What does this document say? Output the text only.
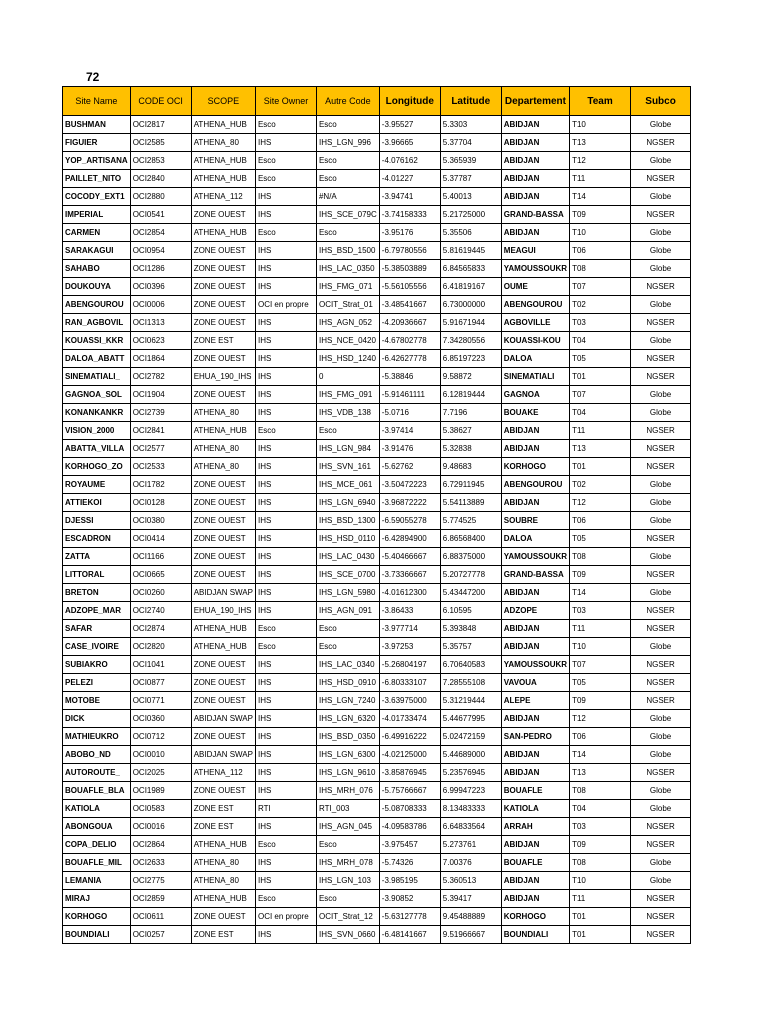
72
Site Name	CODE OCI	SCOPE	Site Owner	Autre Code	Longitude	Latitude	Departement	Team	Subco
BUSHMAN	OCI2817	ATHENA_HUB	Esco	Esco	-3.95527	5.3303	ABIDJAN	T10	Globe
FIGUIER	OCI2585	ATHENA_80	IHS	IHS_LGN_996	-3.96665	5.37704	ABIDJAN	T13	NGSER
YOP_ARTISANA	OCI2853	ATHENA_HUB	Esco	Esco	-4.076162	5.365939	ABIDJAN	T12	Globe
PAILLET_NITO	OCI2840	ATHENA_HUB	Esco	Esco	-4.01227	5.37787	ABIDJAN	T11	NGSER
COCODY_EXT1	OCI2880	ATHENA_112	IHS	#N/A	-3.94741	5.40013	ABIDJAN	T14	Globe
IMPERIAL	OCI0541	ZONE OUEST	IHS	IHS_SCE_079C	-3.74158333	5.21725000	GRAND-BASSA	T09	NGSER
CARMEN	OCI2854	ATHENA_HUB	Esco	Esco	-3.95176	5.35506	ABIDJAN	T10	Globe
SARAKAGUI	OCI0954	ZONE OUEST	IHS	IHS_BSD_1500	-6.79780556	5.81619445	MEAGUI	T06	Globe
SAHABO	OCI1286	ZONE OUEST	IHS	IHS_LAC_0350	-5.38503889	6.84565833	YAMOUSSOUKR	T08	Globe
DOUKOUYA	OCI0396	ZONE OUEST	IHS	IHS_FMG_071	-5.56105556	6.41819167	OUME	T07	NGSER
ABENGOUROU	OCI0006	ZONE OUEST	OCI en propre	OCIT_Strat_01	-3.48541667	6.73000000	ABENGOUROU	T02	Globe
RAN_AGBOVIL	OCI1313	ZONE OUEST	IHS	IHS_AGN_052	-4.20936667	5.91671944	AGBOVILLE	T03	NGSER
KOUASSI_KKR	OCI0623	ZONE EST	IHS	IHS_NCE_0420	-4.67802778	7.34280556	KOUASSI-KOU	T04	Globe
DALOA_ABATT	OCI1864	ZONE OUEST	IHS	IHS_HSD_1240	-6.42627778	6.85197223	DALOA	T05	NGSER
SINEMATIALI_	OCI2782	EHUA_190_IHS	IHS	0	-5.38846	9.58872	SINEMATIALI	T01	NGSER
GAGNOA_SOL	OCI1904	ZONE OUEST	IHS	IHS_FMG_091	-5.91461111	6.12819444	GAGNOA	T07	Globe
KONANKANKR	OCI2739	ATHENA_80	IHS	IHS_VDB_138	-5.0716	7.7196	BOUAKE	T04	Globe
VISION_2000	OCI2841	ATHENA_HUB	Esco	Esco	-3.97414	5.38627	ABIDJAN	T11	NGSER
ABATTA_VILLA	OCI2577	ATHENA_80	IHS	IHS_LGN_984	-3.91476	5.32838	ABIDJAN	T13	NGSER
KORHOGO_ZO	OCI2533	ATHENA_80	IHS	IHS_SVN_161	-5.62762	9.48683	KORHOGO	T01	NGSER
ROYAUME	OCI1782	ZONE OUEST	IHS	IHS_MCE_061	-3.50472223	6.72911945	ABENGOUROU	T02	Globe
ATTIEKOI	OCI0128	ZONE OUEST	IHS	IHS_LGN_6940	-3.96872222	5.54113889	ABIDJAN	T12	Globe
DJESSI	OCI0380	ZONE OUEST	IHS	IHS_BSD_1300	-6.59055278	5.774525	SOUBRE	T06	Globe
ESCADRON	OCI0414	ZONE OUEST	IHS	IHS_HSD_0110	-6.42894900	6.86568400	DALOA	T05	NGSER
ZATTA	OCI1166	ZONE OUEST	IHS	IHS_LAC_0430	-5.40466667	6.88375000	YAMOUSSOUKR	T08	Globe
LITTORAL	OCI0665	ZONE OUEST	IHS	IHS_SCE_0700	-3.73366667	5.20727778	GRAND-BASSA	T09	NGSER
BRETON	OCI0260	ABIDJAN SWAP	IHS	IHS_LGN_5980	-4.01612300	5.43447200	ABIDJAN	T14	Globe
ADZOPE_MAR	OCI2740	EHUA_190_IHS	IHS	IHS_AGN_091	-3.86433	6.10595	ADZOPE	T03	NGSER
SAFAR	OCI2874	ATHENA_HUB	Esco	Esco	-3.977714	5.393848	ABIDJAN	T11	NGSER
CASE_IVOIRE	OCI2820	ATHENA_HUB	Esco	Esco	-3.97253	5.35757	ABIDJAN	T10	Globe
SUBIAKRO	OCI1041	ZONE OUEST	IHS	IHS_LAC_0340	-5.26804197	6.70640583	YAMOUSSOUKR	T07	NGSER
PELEZI	OCI0877	ZONE OUEST	IHS	IHS_HSD_0910	-6.80333107	7.28555108	VAVOUA	T05	NGSER
MOTOBE	OCI0771	ZONE OUEST	IHS	IHS_LGN_7240	-3.63975000	5.31219444	ALEPE	T09	NGSER
DICK	OCI0360	ABIDJAN SWAP	IHS	IHS_LGN_6320	-4.01733474	5.44677995	ABIDJAN	T12	Globe
MATHIEUKRO	OCI0712	ZONE OUEST	IHS	IHS_BSD_0350	-6.49916222	5.02472159	SAN-PEDRO	T06	Globe
ABOBO_ND	OCI0010	ABIDJAN SWAP	IHS	IHS_LGN_6300	-4.02125000	5.44689000	ABIDJAN	T14	Globe
AUTOROUTE_	OCI2025	ATHENA_112	IHS	IHS_LGN_9610	-3.85876945	5.23576945	ABIDJAN	T13	NGSER
BOUAFLE_BLA	OCI1989	ZONE OUEST	IHS	IHS_MRH_076	-5.75766667	6.99947223	BOUAFLE	T08	Globe
KATIOLA	OCI0583	ZONE EST	RTI	RTI_003	-5.08708333	8.13483333	KATIOLA	T04	Globe
ABONGOUA	OCI0016	ZONE EST	IHS	IHS_AGN_045	-4.09583786	6.64833564	ARRAH	T03	NGSER
COPA_DELIO	OCI2864	ATHENA_HUB	Esco	Esco	-3.975457	5.273761	ABIDJAN	T09	NGSER
BOUAFLE_MIL	OCI2633	ATHENA_80	IHS	IHS_MRH_078	-5.74326	7.00376	BOUAFLE	T08	Globe
LEMANIA	OCI2775	ATHENA_80	IHS	IHS_LGN_103	-3.985195	5.360513	ABIDJAN	T10	Globe
MIRAJ	OCI2859	ATHENA_HUB	Esco	Esco	-3.90852	5.39417	ABIDJAN	T11	NGSER
KORHOGO	OCI0611	ZONE OUEST	OCI en propre	OCIT_Strat_12	-5.63127778	9.45488889	KORHOGO	T01	NGSER
BOUNDIALI	OCI0257	ZONE EST	IHS	IHS_SVN_0660	-6.48141667	9.51966667	BOUNDIALI	T01	NGSER
